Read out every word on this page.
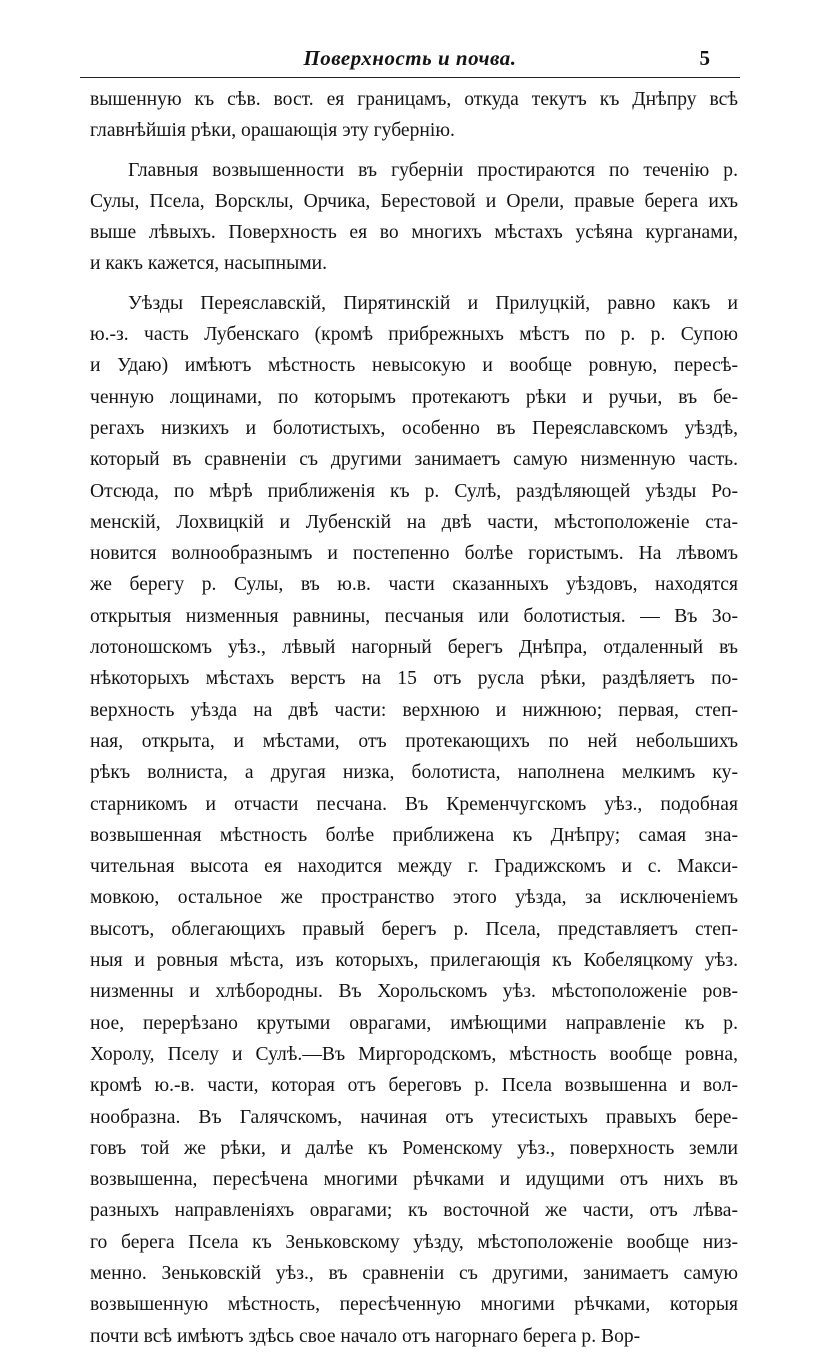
Поверхность и почва.	5
вышенную къ сѣв. вост. ея границамъ, откуда текутъ къ Днѣпру всѣ
главнѣйшія рѣки, орашающія эту губернію.
Главныя возвышенности въ губерніи простираются по теченію р.
Сулы, Псела, Ворсклы, Орчика, Берестовой и Орели, правые берега ихъ
выше лѣвыхъ. Поверхность ея во многихъ мѣстахъ усѣяна курганами,
и какъ кажется, насыпными.
Уѣзды Переяславскій, Пирятинскій и Прилуцкій, равно какъ и
ю.-з. часть Лубенскаго (кромѣ прибрежныхъ мѣстъ по р. р. Супою
и Удаю) имѣютъ мѣстность невысокую и вообще ровную, пересѣ-
ченную лощинами, по которымъ протекаютъ рѣки и ручьи, въ бе-
регахъ низкихъ и болотистыхъ, особенно въ Переяславскомъ уѣздѣ,
который въ сравненіи съ другими занимаетъ самую низменную часть.
Отсюда, по мѣрѣ приближенія къ р. Сулѣ, раздѣляющей уѣзды Ро-
менскій, Лохвицкій и Лубенскій на двѣ части, мѣстоположеніе ста-
новится волнообразнымъ и постепенно болѣе гористымъ. На лѣвомъ
же берегу р. Сулы, въ ю.в. части сказанныхъ уѣздовъ, находятся
открытыя низменныя равнины, песчаныя или болотистыя. — Въ Зо-
лотоношскомъ уѣз., лѣвый нагорный берегъ Днѣпра, отдаленный въ
нѣкоторыхъ мѣстахъ верстъ на 15 отъ русла рѣки, раздѣляетъ по-
верхность уѣзда на двѣ части: верхнюю и нижнюю; первая, степ-
ная, открыта, и мѣстами, отъ протекающихъ по ней небольшихъ
рѣкъ волниста, а другая низка, болотиста, наполнена мелкимъ ку-
старникомъ и отчасти песчана. Въ Кременчугскомъ уѣз., подобная
возвышенная мѣстность болѣе приближена къ Днѣпру; самая зна-
чительная высота ея находится между г. Градижскомъ и с. Макси-
мовкою, остальное же пространство этого уѣзда, за исключеніемъ
высотъ, облегающихъ правый берегъ р. Псела, представляетъ степ-
ныя и ровныя мѣста, изъ которыхъ, прилегающія къ Кобеляцкому уѣз.
низменны и хлѣбородны. Въ Хорольскомъ уѣз. мѣстоположеніе ров-
ное, перерѣзано крутыми оврагами, имѣющими направленіе къ р.
Хоролу, Пселу и Сулѣ.—Въ Миргородскомъ, мѣстность вообще ровна,
кромѣ ю.-в. части, которая отъ береговъ р. Псела возвышенна и вол-
нообразна. Въ Галячскомъ, начиная отъ утесистыхъ правыхъ бере-
говъ той же рѣки, и далѣе къ Роменскому уѣз., поверхность земли
возвышенна, пересѣчена многими рѣчками и идущими отъ нихъ въ
разныхъ направленіяхъ оврагами; къ восточной же части, отъ лѣва-
го берега Псела къ Зеньковскому уѣзду, мѣстоположеніе вообще низ-
менно. Зеньковскій уѣз., въ сравненіи съ другими, занимаетъ самую
возвышенную мѣстность, пересѣченную многими рѣчками, которыя
почти всѣ имѣютъ здѣсь свое начало отъ нагорнаго берега р. Вор-
